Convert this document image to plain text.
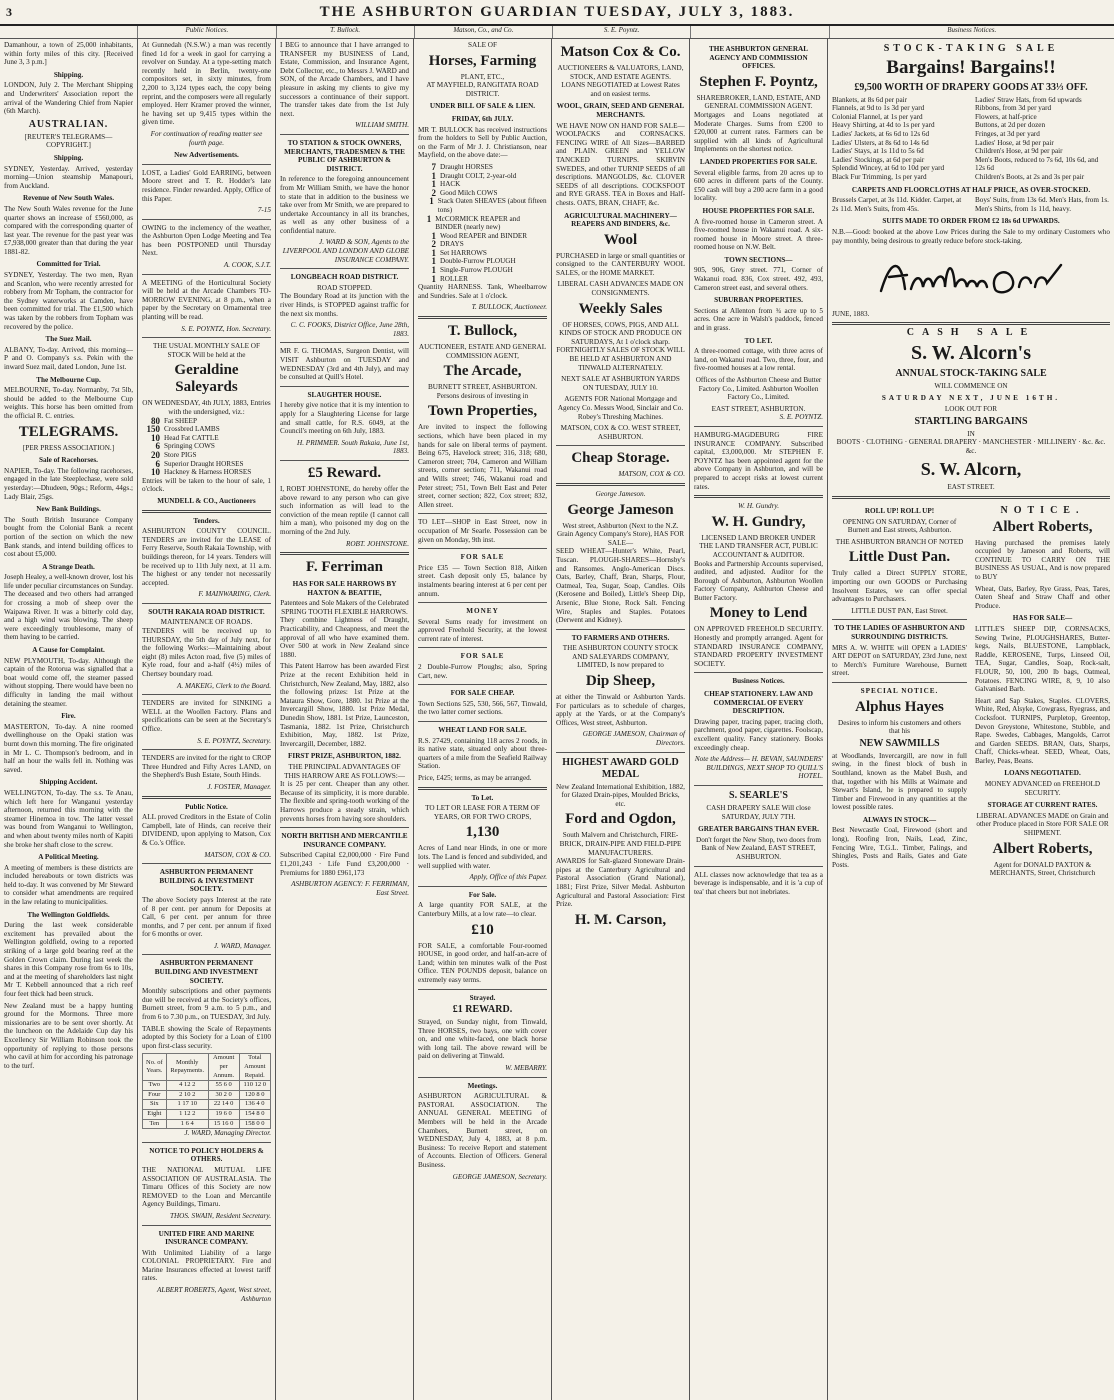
3	THE ASHBURTON GUARDIAN TUESDAY, JULY 3, 1883.
Public Notices.	T. Bullock.	Matson, Co., and Co.	S. E. Poyntz.	Business Notices.

Damanhour, a town of 25,000 inhabitants, within forty miles of this city. [Received June 3, 3 p.m.]

Shipping.

LONDON, July 2. The Merchant Shipping and Underwriters' Association report the arrival of the Wandering Chief from Napier (6th March).

AUSTRALIAN.
[REUTER'S TELEGRAMS—COPYRIGHT.]
Shipping.

SYDNEY, Yesterday. Arrived, yesterday morning—Union steamship Manapouri, from Auckland.

Revenue of New South Wales.

The New South Wales revenue for the June quarter shows an increase of £560,000, as compared with the corresponding quarter of last year. The revenue for the past year was £7,938,000 greater than that during the year 1881-82.

Committed for Trial.

SYDNEY, Yesterday. The two men, Ryan and Scanlon, who were recently arrested for robbery from Mr Topham, the contractor for the Sydney waterworks at Camden, have been committed for trial. The £1,500 which was taken by the robbers from Topham was recovered by the police.

The Suez Mail.

ALBANY, To-day. Arrived, this morning—P and O. Company's s.s. Pekin with the inward Suez mail, dated London, June 1st.

The Melbourne Cup.

MELBOURNE, To-day. Normanby, 7st 5lb, should be added to the Melbourne Cup weights. This horse has been omitted from the official R. C. entries.

TELEGRAMS.
[PER PRESS ASSOCIATION.]
Sale of Racehorses.

NAPIER, To-day. The following racehorses, engaged in the late Steeplechase, were sold yesterday:—Dhudeen, 90gs.; Reform, 44gs.; Lady Blair, 25gs.

New Bank Buildings.

The South British Insurance Company bought from the Colonial Bank a recent portion of the section on which the new Bank stands, and intend building offices to cost about £5,000.

A Strange Death.

Joseph Healey, a well-known drover, lost his life under peculiar circumstances on Sunday. The deceased and two others had arranged for crossing a mob of sheep over the Waipawa River. It was a bitterly cold day, and a high wind was blowing. The sheep were exceedingly troublesome, many of them having to be carried.

A Cause for Complaint.

NEW PLYMOUTH, To-day. Although the captain of the Rotorua was signalled that a boat would come off, the steamer passed without stopping. There would have been no difficulty in landing the mail without detaining the steamer.

Fire.

MASTERTON, To-day. A nine roomed dwellinghouse on the Opaki station was burnt down this morning. The fire originated in Mr L. C. Thompson's bedroom, and in half an hour the walls fell in. Nothing was saved.

Shipping Accident.

WELLINGTON, To-day. The s.s. Te Anau, which left here for Wanganui yesterday afternoon, returned this morning with the steamer Hinemoa in tow. The latter vessel was bound from Wanganui to Wellington, and when about twenty miles north of Kapiti she broke her shaft close to the screw.

A Political Meeting.

A meeting of members is these districts are included hereabouts or town districts was held to-day. It was convened by Mr Steward to consider what amendments are required in the law relating to municipalities.

The Wellington Goldfields.

During the last week considerable excitement has prevailed about the Wellington goldfield, owing to a reported striking of a large gold bearing reef at the Golden Crown claim. During last week the shares in this Company rose from 6s to 10s, and at the meeting of shareholders last night Mr T. Kebbell announced that a rich reef four feet thick had been struck.

New Zealand must be a happy hunting ground for the Mormons. Three more missionaries are to be sent over shortly. At the luncheon on the Adelaide Cup day his Excellency Sir William Robinson took the opportunity of replying to those persons who cavil at him for according his patronage to the turf.

At Gunnedah (N.S.W.) a man was recently fined 1d for a week in gaol for carrying a revolver on Sunday. At a type-setting match recently held in Berlin, twenty-one compositors set, in sixty minutes, from 2,200 to 3,124 types each, the copy being reprint, and the composers were all regularly employed. Herr Kramer proved the winner, he having set up 9,415 types within the given time.

For continuation of reading matter see fourth page.

New Advertisements.

LOST, a Ladies' Gold EARRING, between Moore street and T. R. Hodder's late residence. Finder rewarded. Apply, Office of this Paper.

7-15

OWING to the inclemency of the weather, the Ashburton Open Lodge Meeting and Tea has been POSTPONED until Thursday Next.

A. COOK, S.J.T.

A MEETING of the Horticultural Society will be held at the Arcade Chambers TO-MORROW EVENING, at 8 p.m., when a paper by the Secretary on Ornamental tree planting will be read.

S. E. POYNTZ, Hon. Secretary.
THE USUAL MONTHLY SALE OF STOCK Will be held at the
Geraldine Saleyards
ON WEDNESDAY, 4th JULY, 1883, Entries with the undersigned, viz.:
80 Fat SHEEP
150 Crossbred LAMBS
10 Head Fat CATTLE
6 Springing COWS
20 Store PIGS
6 Superior Draught HORSES
10 Hackney & Harness HORSES

Entries will be taken to the hour of sale, 1 o'clock.

MUNDELL & CO., Auctioneers
Tenders.

ASHBURTON COUNTY COUNCIL. TENDERS are invited for the LEASE of Ferry Reserve, South Rakaia Township, with buildings thereon, for 14 years. Tenders will be received up to 11th July next, at 11 a.m. The highest or any tender not necessarily accepted.

F. MAINWARING, Clerk.
SOUTH RAKAIA ROAD DISTRICT.
MAINTENANCE OF ROADS.

TENDERS will be received up to THURSDAY, the 5th day of July next, for the following Works:—Maintaining about eight (8) miles Acton road, five (5) miles of Kyle road, four and a-half (4½) miles of Chertsey boundary road.

A. MAKEIG, Clerk to the Board.

TENDERS are invited for SINKING a WELL at the Woollen Factory. Plans and specifications can be seen at the Secretary's Office.

S. E. POYNTZ, Secretary.

TENDERS are invited for the right to CROP Three Hundred and Fifty Acres LAND, on the Shepherd's Bush Estate, South Hinds.

J. FOSTER, Manager.
Public Notice.

ALL proved Creditors in the Estate of Colin Campbell, late of Hinds, can receive their DIVIDEND, upon applying to Matson, Cox & Co.'s Office.

MATSON, COX & CO.
ASHBURTON PERMANENT BUILDING & INVESTMENT SOCIETY.

The above Society pays Interest at the rate of 8 per cent. per annum for Deposits at Call, 6 per cent. per annum for three months, and 7 per cent. per annum if fixed for 6 months or over.

J. WARD, Manager.
ASHBURTON PERMANENT BUILDING AND INVESTMENT SOCIETY.

Monthly subscriptions and other payments due will be received at the Society's offices, Burnett street, from 9 a.m. to 5 p.m., and from 6 to 7.30 p.m., on TUESDAY, 3rd July.

TABLE showing the Scale of Repayments adopted by this Society for a Loan of £100 upon first-class security.

No. of Years.	Monthly Repayments.	Amount per Annum.	Total Amount Repaid.
Two	4 12 2	55 6 0	110 12 0
Four	2 10 2	30 2 0	120 8 0
Six	1 17 10	22 14 0	136 4 0
Eight	1 12 2	19 6 0	154 8 0
Ten	1 6 4	15 16 0	158 0 0
J. WARD, Managing Director.
NOTICE TO POLICY HOLDERS & OTHERS.

THE NATIONAL MUTUAL LIFE ASSOCIATION OF AUSTRALASIA. The Timaru Offices of this Society are now REMOVED to the Loan and Mercantile Agency Buildings, Timaru.

THOS. SWAIN, Resident Secretary.
UNITED FIRE AND MARINE INSURANCE COMPANY.

With Unlimited Liability of a large COLONIAL PROPRIETARY. Fire and Marine Insurances effected at lowest tariff rates.

ALBERT ROBERTS, Agent, West street, Ashburton

I BEG to announce that I have arranged to TRANSFER my BUSINESS of Land, Estate, Commission, and Insurance Agent, Debt Collector, etc., to Messrs J. WARD and SON, of the Arcade Chambers, and I have pleasure in asking my clients to give my successors a continuance of their support. The transfer takes date from the 1st July next.

WILLIAM SMITH.
TO STATION & STOCK OWNERS, MERCHANTS, TRADESMEN & THE PUBLIC OF ASHBURTON & DISTRICT.

In reference to the foregoing announcement from Mr William Smith, we have the honor to state that in addition to the business we take over from Mr Smith, we are prepared to undertake Accountancy in all its branches, as well as any other business of a confidential nature.

J. WARD & SON, Agents to the LIVERPOOL AND LONDON AND GLOBE INSURANCE COMPANY.
LONGBEACH ROAD DISTRICT.
ROAD STOPPED.

The Boundary Road at its junction with the river Hinds, is STOPPED against traffic for the next six months.

C. C. FOOKS, District Office, June 28th, 1883.

MR F. G. THOMAS, Surgeon Dentist, will VISIT Ashburton on TUESDAY and WEDNESDAY (3rd and 4th July), and may be consulted at Quill's Hotel.

SLAUGHTER HOUSE.

I hereby give notice that it is my intention to apply for a Slaughtering License for large and small cattle, for R.S. 6049, at the Council's meeting on 6th July, 1883.

H. PRIMMER. South Rakaia, June 1st, 1883.
£5 Reward.

I, ROBT JOHNSTONE, do hereby offer the above reward to any person who can give such information as will lead to the conviction of the mean reptile (I cannot call him a man), who poisoned my dog on the morning of the 2nd July.

ROBT. JOHNSTONE.
F. Ferriman
HAS FOR SALE HARROWS BY HAXTON & BEATTIE,
Patentees and Sole Makers of the Celebrated SPRING TOOTH FLEXIBLE HARROWS.

They combine Lightness of Draught, Practicability, and Cheapness, and meet the approval of all who have examined them. Over 500 at work in New Zealand since 1880.

This Patent Harrow has been awarded First Prize at the recent Exhibition held in Christchurch, New Zealand, May, 1882, also the following prizes: 1st Prize at the Mataura Show, Gore, 1880. 1st Prize at the Invercargill Show, 1880. 1st Prize Medal, Dunedin Show, 1881. 1st Prize, Launceston, Tasmania, 1882. 1st Prize, Christchurch Exhibition, May, 1882. 1st Prize, Invercargill, December, 1882.

FIRST PRIZE, ASHBURTON, 1882.
THE PRINCIPAL ADVANTAGES OF THIS HARROW ARE AS FOLLOWS:—

It is 25 per cent. Cheaper than any other. Because of its simplicity, it is more durable. The flexible and spring-tooth working of the Harrows produce a steady strain, which prevents horses from having sore shoulders.

NORTH BRITISH AND MERCANTILE INSURANCE COMPANY.

Subscribed Capital £2,000,000 · Fire Fund £1,201,243 · Life Fund £3,200,000 · Premiums for 1880 £961,173

ASHBURTON AGENCY: F. FERRIMAN, East Street.
SALE OF
Horses, Farming
PLANT, ETC.,
AT MAYFIELD, RANGITATA ROAD DISTRICT.
UNDER BILL OF SALE & LIEN.
FRIDAY, 6th JULY.

MR T. BULLOCK has received instructions from the holders to Sell by Public Auction, on the Farm of Mr J. J. Christianson, near Mayfield, on the above date:—

7 Draught HORSES
1 Draught COLT, 2-year-old
1 HACK
2 Good Milch COWS
1 Stack Oaten SHEAVES (about fifteen tons)
1 McCORMICK REAPER and BINDER (nearly new)
1 Wood REAPER and BINDER
2 DRAYS
1 Set HARROWS
1 Double-Furrow PLOUGH
1 Single-Furrow PLOUGH
1 ROLLER

Quantity HARNESS. Tank, Wheelbarrow and Sundries. Sale at 1 o'clock.

T. BULLOCK, Auctioneer.
T. Bullock,
AUCTIONEER, ESTATE AND GENERAL COMMISSION AGENT,
The Arcade,
BURNETT STREET, ASHBURTON.
Persons desirous of investing in
Town Properties,

Are invited to inspect the following sections, which have been placed in my hands for sale on liberal terms of payment. Being 675, Havelock street; 316, 318; 680, Cameron street; 704, Cameron and William streets, corner section; 711, Wakanui road and Wills street; 746, Wakanui road and Peter street; 751, Town Belt East and Peter street, corner section; 822, Cox street; 832, Allen street.

TO LET—SHOP in East Street, now in occupation of Mr Searle. Possession can be given on Monday, 9th inst.

FOR SALE

Price £35 — Town Section 818, Aitken street. Cash deposit only £5, balance by instalments bearing interest at 6 per cent per annum.

MONEY

Several Sums ready for investment on approved Freehold Security, at the lowest current rate of interest.

FOR SALE

2 Double-Furrow Ploughs; also, Spring Cart, new.

FOR SALE CHEAP.

Town Sections 525, 530, 566, 567, Tinwald, the two latter corner sections.

WHEAT LAND FOR SALE.

R.S. 27429, containing 118 acres 2 roods, in its native state, situated only about three-quarters of a mile from the Seafield Railway Station.

Price, £425; terms, as may be arranged.

To Let.
TO LET OR LEASE FOR A TERM OF YEARS, OR FOR TWO CROPS,
1,130

Acres of Land near Hinds, in one or more lots. The Land is fenced and subdivided, and well supplied with water.

Apply, Office of this Paper.
For Sale.

A large quantity FOR SALE, at the Canterbury Mills, at a low rate—to clear.

£10

FOR SALE, a comfortable Four-roomed HOUSE, in good order, and half-an-acre of Land; within ten minutes walk of the Post Office. TEN POUNDS deposit, balance on extremely easy terms.

Strayed.
£1 REWARD.

Strayed, on Sunday night, from Tinwald, Three HORSES, two bays, one with cover on, and one white-faced, one black horse with long tail. The above reward will be paid on delivering at Tinwald.

W. MEBARRY.
Meetings.

ASHBURTON AGRICULTURAL & PASTORAL ASSOCIATION. The ANNUAL GENERAL MEETING of Members will be held in the Arcade Chambers, Burnett street, on WEDNESDAY, July 4, 1883, at 8 p.m. Business: To receive Report and statement of Accounts. Election of Officers. General Business.

GEORGE JAMESON, Secretary.
Matson Cox & Co.
AUCTIONEERS & VALUATORS, LAND, STOCK, AND ESTATE AGENTS.

LOANS NEGOTIATED at Lowest Rates and on easiest terms.

WOOL, GRAIN, SEED AND GENERAL MERCHANTS.
WE HAVE NOW ON HAND FOR SALE—

WOOLPACKS and CORNSACKS. FENCING WIRE of All Sizes—BARBED and PLAIN. GREEN and YELLOW TANCKED TURNIPS. SKIRVIN SWEDES, and other TURNIP SEEDS of all descriptions. MANGOLDS, &c. CLOVER SEEDS of all descriptions. COCKSFOOT and RYE GRASS. TEA in Boxes and Half-chests. OATS, BRAN, CHAFF, &c.

AGRICULTURAL MACHINERY—REAPERS AND BINDERS, &c.
Wool

PURCHASED in large or small quantities or consigned to the CANTERBURY WOOL SALES, or the HOME MARKET.

LIBERAL CASH ADVANCES MADE ON CONSIGNMENTS.
Weekly Sales
OF HORSES, COWS, PIGS, AND ALL KINDS OF STOCK AND PRODUCE ON SATURDAYS, At 1 o'clock sharp.

FORTNIGHTLY SALES OF STOCK WILL BE HELD AT ASHBURTON AND TINWALD ALTERNATELY.

NEXT SALE AT ASHBURTON YARDS ON TUESDAY, JULY 10.

AGENTS FOR National Mortgage and Agency Co. Messrs Wood, Sinclair and Co. Robey's Threshing Machines.

MATSON, COX & CO. WEST STREET, ASHBURTON.
Cheap Storage.
MATSON, COX & CO.
George Jameson.
George Jameson
West street, Ashburton (Next to the N.Z. Grain Agency Company's Store), HAS FOR SALE—

SEED WHEAT—Hunter's White, Pearl, Tuscan. PLOUGH-SHARES—Hornsby's and Ransomes. Anglo-American Discs. Oats, Barley, Chaff, Bran, Sharps, Flour, Oatmeal, Tea, Sugar, Soap, Candles. Oils (Kerosene and Boiled), Little's Sheep Dip, Arsenic, Blue Stone, Rock Salt. Fencing Wire, Staples and Staples. Potatoes (Derwent and Kidney).

TO FARMERS AND OTHERS.
THE ASHBURTON COUNTY STOCK AND SALEYARDS COMPANY, LIMITED, Is now prepared to
Dip Sheep,

at either the Tinwald or Ashburton Yards. For particulars as to schedule of charges, apply at the Yards, or at the Company's Offices, West street, Ashburton.

GEORGE JAMESON, Chairman of Directors.
HIGHEST AWARD GOLD MEDAL
New Zealand International Exhibition, 1882, for Glazed Drain-pipes, Moulded Bricks, etc.
Ford and Ogdon,
South Malvern and Christchurch, FIRE-BRICK, DRAIN-PIPE AND FIELD-PIPE MANUFACTURERS.

AWARDS for Salt-glazed Stoneware Drain-pipes at the Canterbury Agricultural and Pastoral Association (Grand National), 1881; First Prize, Silver Medal. Ashburton Agricultural and Pastoral Association: First Prize.

H. M. Carson,
THE ASHBURTON GENERAL AGENCY AND COMMISSION OFFICES.
Stephen F. Poyntz,
SHAREBROKER, LAND, ESTATE, AND GENERAL COMMISSION AGENT.

Mortgages and Loans negotiated at Moderate Charges. Sums from £200 to £20,000 at current rates. Farmers can be supplied with all kinds of Agricultural Implements on the shortest notice.

LANDED PROPERTIES FOR SALE.

Several eligible farms, from 20 acres up to 600 acres in different parts of the County. £50 cash will buy a 200 acre farm in a good locality.

HOUSE PROPERTIES FOR SALE.

A five-roomed house in Cameron street. A five-roomed house in Wakanui road. A six-roomed house in Moore street. A three-roomed house on N.W. Belt.

TOWN SECTIONS—

905, 906, Grey street. 771, Corner of Wakanui road. 836, Cox street. 492, 493, Cameron street east, and several others.

SUBURBAN PROPERTIES.

Sections at Allenton from ¾ acre up to 5 acres. One acre in Walsh's paddock, fenced and in grass.

TO LET.

A three-roomed cottage, with three acres of land, on Wakanui road. Two, three, four, and five-roomed houses at a low rental.

Offices of the Ashburton Cheese and Butter Factory Co., Limited. Ashburton Woollen Factory Co., Limited.

EAST STREET, ASHBURTON.
S. E. POYNTZ.

HAMBURG-MAGDEBURG FIRE INSURANCE COMPANY. Subscribed capital, £3,000,000. Mr STEPHEN F. POYNTZ has been appointed agent for the above Company in Ashburton, and will be prepared to accept risks at lowest current rates.

W. H. Gundry.
W. H. Gundry,
LICENSED LAND BROKER UNDER THE LAND TRANSFER ACT, PUBLIC ACCOUNTANT & AUDITOR.

Books and Partnership Accounts supervised, audited, and adjusted. Auditor for the Borough of Ashburton, Ashburton Woollen Factory Company, Ashburton Cheese and Butter Factory.

Money to Lend

ON APPROVED FREEHOLD SECURITY. Honestly and promptly arranged. Agent for STANDARD INSURANCE COMPANY, STANDARD PROPERTY INVESTMENT SOCIETY.

Business Notices.
CHEAP STATIONERY. LAW AND COMMERCIAL OF EVERY DESCRIPTION.

Drawing paper, tracing paper, tracing cloth, parchment, good paper, cigarettes. Foolscap, excellent quality. Fancy stationery. Books exceedingly cheap.

Note the Address— H. BEVAN, SAUNDERS' BUILDINGS, NEXT SHOP TO QUILL'S HOTEL.
S. SEARLE'S
CASH DRAPERY SALE Will close SATURDAY, JULY 7TH.
GREATER BARGAINS THAN EVER.

Don't forget the New Shop, two doors from Bank of New Zealand, EAST STREET, ASHBURTON.

ALL classes now acknowledge that tea as a beverage is indispensable, and it is 'a cup of tea' that cheers but not inebriates.

STOCK-TAKING SALE
Bargains! Bargains!!
£9,500 WORTH OF DRAPERY GOODS AT 33⅓ OFF.
Blankets, at 8s 6d per pair
Flannels, at 9d to 1s 3d per yard
Colonial Flannel, at 1s per yard
Heavy Shirting, at 4d to 1s per yard
Ladies' Jackets, at 6s 6d to 12s 6d
Ladies' Ulsters, at 8s 6d to 14s 6d
Ladies' Stays, at 1s 11d to 5s 6d
Ladies' Stockings, at 6d per pair
Splendid Wincey, at 6d to 10d per yard
Black Fur Trimming, 1s per yard
Ladies' Straw Hats, from 6d upwards
Ribbons, from 3d per yard
Flowers, at half-price
Buttons, at 2d per dozen
Fringes, at 3d per yard
Ladies' Hose, at 9d per pair
Children's Hose, at 9d per pair
Men's Boots, reduced to 7s 6d, 10s 6d, and 12s 6d
Children's Boots, at 2s and 3s per pair
CARPETS AND FLOORCLOTHS AT HALF PRICE, AS OVER-STOCKED.
Brussels Carpet, at 3s 11d. Kidder. Carpet, at 2s 11d. Men's Suits, from 45s.
Boys' Suits, from 13s 6d. Men's Hats, from 1s. Men's Shirts, from 1s 11d, heavy.
SUITS MADE TO ORDER FROM £2 18s 6d UPWARDS.

N.B.—Good: booked at the above Low Prices during the Sale to my ordinary Customers who pay monthly, being desirous to greatly reduce before stock-taking.

JUNE, 1883.
CASH SALE
S. W. Alcorn's
ANNUAL STOCK-TAKING SALE
WILL COMMENCE ON
SATURDAY NEXT, JUNE 16TH.
LOOK OUT FOR
STARTLING BARGAINS
IN
BOOTS · CLOTHING · GENERAL DRAPERY · MANCHESTER · MILLINERY · &c. &c. &c.
S. W. Alcorn,
EAST STREET.
ROLL UP! ROLL UP!

OPENING ON SATURDAY, Corner of Burnett and East streets, Ashburton.

THE ASHBURTON BRANCH OF NOTED
Little Dust Pan.

Truly called a Direct SUPPLY STORE, importing our own GOODS or Purchasing Insolvent Estates, we can offer special advantages to Purchasers.

LITTLE DUST PAN, East Street.
TO THE LADIES OF ASHBURTON AND SURROUNDING DISTRICTS.

MRS A. W. WHITE will OPEN a LADIES' ART DEPOT on SATURDAY, 23rd June, next to Merch's Furniture Warehouse, Burnett street.

SPECIAL NOTICE.
Alphus Hayes
Desires to inform his customers and others that his
NEW SAWMILLS

at Woodlands, Invercargill, are now in full swing, in the finest block of bush in Southland, known as the Mabel Bush, and that, together with his Mills at Waimate and Stewart's Island, he is prepared to supply Timber and Firewood in any quantities at the lowest possible rates.

ALWAYS IN STOCK—

Best Newcastle Coal, Firewood (short and long), Roofing Iron, Nails, Lead, Zinc, Fencing Wire, T.G.L. Timber, Palings, and Shingles, Posts and Rails, Gates and Gate Posts.

NOTICE.
Albert Roberts,

Having purchased the premises lately occupied by Jameson and Roberts, will CONTINUE TO CARRY ON THE BUSINESS AS USUAL, And is now prepared to BUY

Wheat, Oats, Barley, Rye Grass, Peas, Tares, Oaten Sheaf and Straw Chaff and other Produce.

HAS FOR SALE—

LITTLE'S SHEEP DIP, CORNSACKS, Sewing Twine, PLOUGHSHARES, Butter-kegs, Nails, BLUESTONE, Lampblack, Raddle, KEROSENE, Turps, Linseed Oil, TEA, Sugar, Candles, Soap, Rock-salt, FLOUR, 50, 100, 200 lb bags, Oatmeal, Potatoes. FENCING WIRE, 8, 9, 10 also Galvanised Barb.

Heart and Sap Stakes, Staples. CLOVERS, White, Red, Alsyke, Cowgrass, Ryegrass, and Cocksfoot. TURNIPS, Purpletop, Greentop, Devon Greystone, Whitestone, Stubble, and Rape. Swedes, Cabbages, Mangolds, Carrot and Garden SEEDS. BRAN, Oats, Sharps, Chaff, Chicks-wheat. SEED, Wheat, Oats, Barley, Peas, Beans.

LOANS NEGOTIATED.
MONEY ADVANCED on FREEHOLD SECURITY.
STORAGE AT CURRENT RATES.

LIBERAL ADVANCES MADE on Grain and other Produce placed in Store FOR SALE OR SHIPMENT.

Albert Roberts,
Agent for DONALD PAXTON & MERCHANTS, Street, Christchurch
